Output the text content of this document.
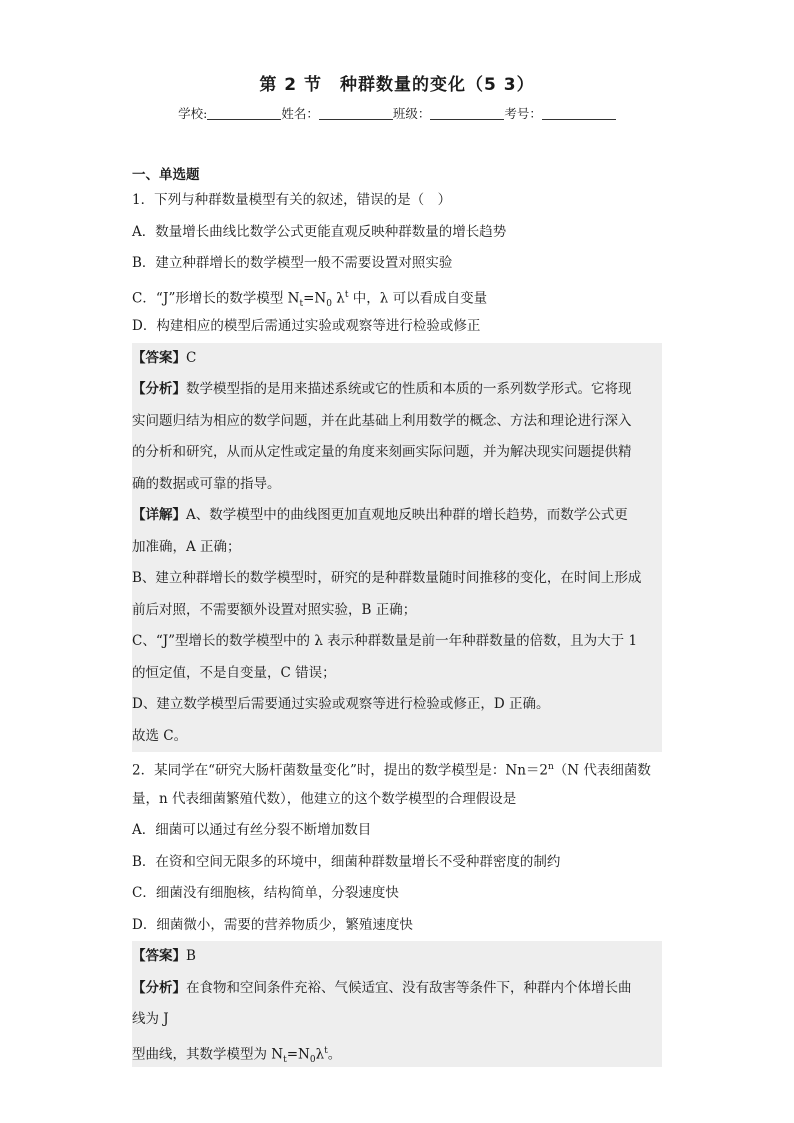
第 2 节　种群数量的变化（5 3）
学校:	姓名：	班级：	考号：
一、单选题
1．下列与种群数量模型有关的叙述，错误的是（　）
A．数量增长曲线比数学公式更能直观反映种群数量的增长趋势
B．建立种群增长的数学模型一般不需要设置对照实验
C．“J”形增长的数学模型 $N_t=N_0$ $\lambda^t$ 中，λ 可以看成自变量
D．构建相应的模型后需通过实验或观察等进行检验或修正
【答案】C
【分析】数学模型指的是用来描述系统或它的性质和本质的一系列数学形式。它将现
实问题归结为相应的数学问题，并在此基础上利用数学的概念、方法和理论进行深入
的分析和研究，从而从定性或定量的角度来刻画实际问题，并为解决现实问题提供精
确的数据或可靠的指导。
【详解】A、数学模型中的曲线图更加直观地反映出种群的增长趋势，而数学公式更
加准确，A 正确；
B、建立种群增长的数学模型时，研究的是种群数量随时间推移的变化，在时间上形成
前后对照，不需要额外设置对照实验，B 正确；
C、“J”型增长的数学模型中的 λ 表示种群数量是前一年种群数量的倍数，且为大于 1
的恒定值，不是自变量，C 错误；
D、建立数学模型后需要通过实验或观察等进行检验或修正，D 正确。
故选 C。
2．某同学在“研究大肠杆菌数量变化”时，提出的数学模型是：$Nn=2^n(N$ 代表细菌数
量，n 代表细菌繁殖代数），他建立的这个数学模型的合理假设是
A．细菌可以通过有丝分裂不断增加数目
B．在资和空间无限多的环境中，细菌种群数量增长不受种群密度的制约
C．细菌没有细胞核，结构简单，分裂速度快
D．细菌微小，需要的营养物质少，繁殖速度快
【答案】B
【分析】在食物和空间条件充裕、气候适宜、没有敌害等条件下，种群内个体增长曲
线为 J
型曲线，其数学模型为 $N_t=N_0\lambda^t$。
